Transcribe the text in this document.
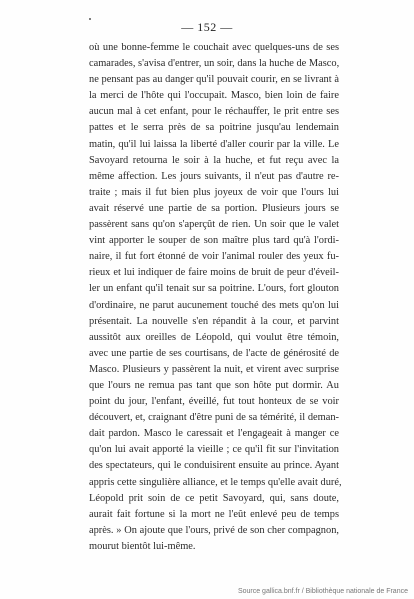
— 152 —
où une bonne-femme le couchait avec quelques-uns de ses
camarades, s'avisa d'entrer, un soir, dans la huche de Masco,
ne pensant pas au danger qu'il pouvait courir, en se livrant à
la merci de l'hôte qui l'occupait. Masco, bien loin de faire
aucun mal à cet enfant, pour le réchauffer, le prit entre ses
pattes et le serra près de sa poitrine jusqu'au lendemain
matin, qu'il lui laissa la liberté d'aller courir par la ville. Le
Savoyard retourna le soir à la huche, et fut reçu avec la
même affection. Les jours suivants, il n'eut pas d'autre re-
traite ; mais il fut bien plus joyeux de voir que l'ours lui
avait réservé une partie de sa portion. Plusieurs jours se
passèrent sans qu'on s'aperçût de rien. Un soir que le valet
vint apporter le souper de son maître plus tard qu'à l'ordi-
naire, il fut fort étonné de voir l'animal rouler des yeux fu-
rieux et lui indiquer de faire moins de bruit de peur d'éveil-
ler un enfant qu'il tenait sur sa poitrine. L'ours, fort glouton
d'ordinaire, ne parut aucunement touché des mets qu'on lui
présentait. La nouvelle s'en répandit à la cour, et parvint
aussitôt aux oreilles de Léopold, qui voulut être témoin,
avec une partie de ses courtisans, de l'acte de générosité de
Masco. Plusieurs y passèrent la nuit, et virent avec surprise
que l'ours ne remua pas tant que son hôte put dormir. Au
point du jour, l'enfant, éveillé, fut tout honteux de se voir
découvert, et, craignant d'être puni de sa témérité, il deman-
dait pardon. Masco le caressait et l'engageait à manger ce
qu'on lui avait apporté la vieille ; ce qu'il fit sur l'invitation
des spectateurs, qui le conduisirent ensuite au prince. Ayant
appris cette singulière alliance, et le temps qu'elle avait duré,
Léopold prit soin de ce petit Savoyard, qui, sans doute,
aurait fait fortune si la mort ne l'eût enlevé peu de temps
après. » On ajoute que l'ours, privé de son cher compagnon,
mourut bientôt lui-même.
Source gallica.bnf.fr / Bibliothèque nationale de France
